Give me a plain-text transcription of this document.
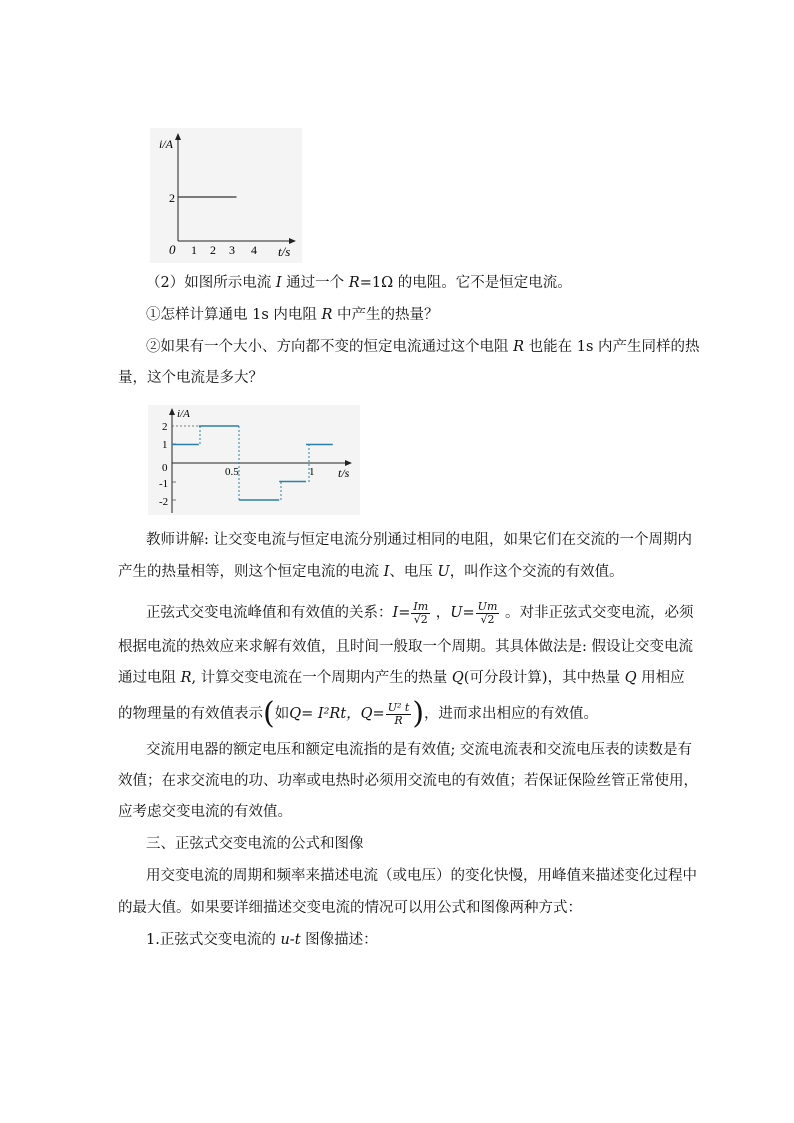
i/A
t/s
0
2
1 2 3 4
（2）如图所示电流 I 通过一个 R=1Ω 的电阻。它不是恒定电流。
①怎样计算通电 1s 内电阻 R 中产生的热量？
②如果有一个大小、方向都不变的恒定电流通过这个电阻 R 也能在 1s 内产生同样的热
量，这个电流是多大？
i/A
t/s
0
2
1
-1
-2
0.5	1
教师讲解: 让交变电流与恒定电流分别通过相同的电阻，如果它们在交流的一个周期内
产生的热量相等，则这个恒定电流的电流 I、电压 U，叫作这个交流的有效值。
正弦式交变电流峰值和有效值的关系：$I= \frac{Im}{√2}$ ，$U= \frac{Um}{√2}$ 。对非正弦式交变电流，必须
根据电流的热效应来求解有效值，且时间一般取一个周期。其具体做法是: 假设让交变电流
通过电阻 R, 计算交变电流在一个周期内产生的热量 Q(可分段计算)，其中热量 Q 用相应
的物理量的有效值表示(如Q= I²Rt，$Q= \frac{\text{U² t}}{R}$ )，进而求出相应的有效值。
交流用电器的额定电压和额定电流指的是有效值; 交流电流表和交流电压表的读数是有
效值；在求交流电的功、功率或电热时必须用交流电的有效值；若保证保险丝管正常使用，
应考虑交变电流的有效值。
三、正弦式交变电流的公式和图像
用交变电流的周期和频率来描述电流（或电压）的变化快慢，用峰值来描述变化过程中
的最大值。如果要详细描述交变电流的情况可以用公式和图像两种方式：
1.正弦式交变电流的 u-t 图像描述：
